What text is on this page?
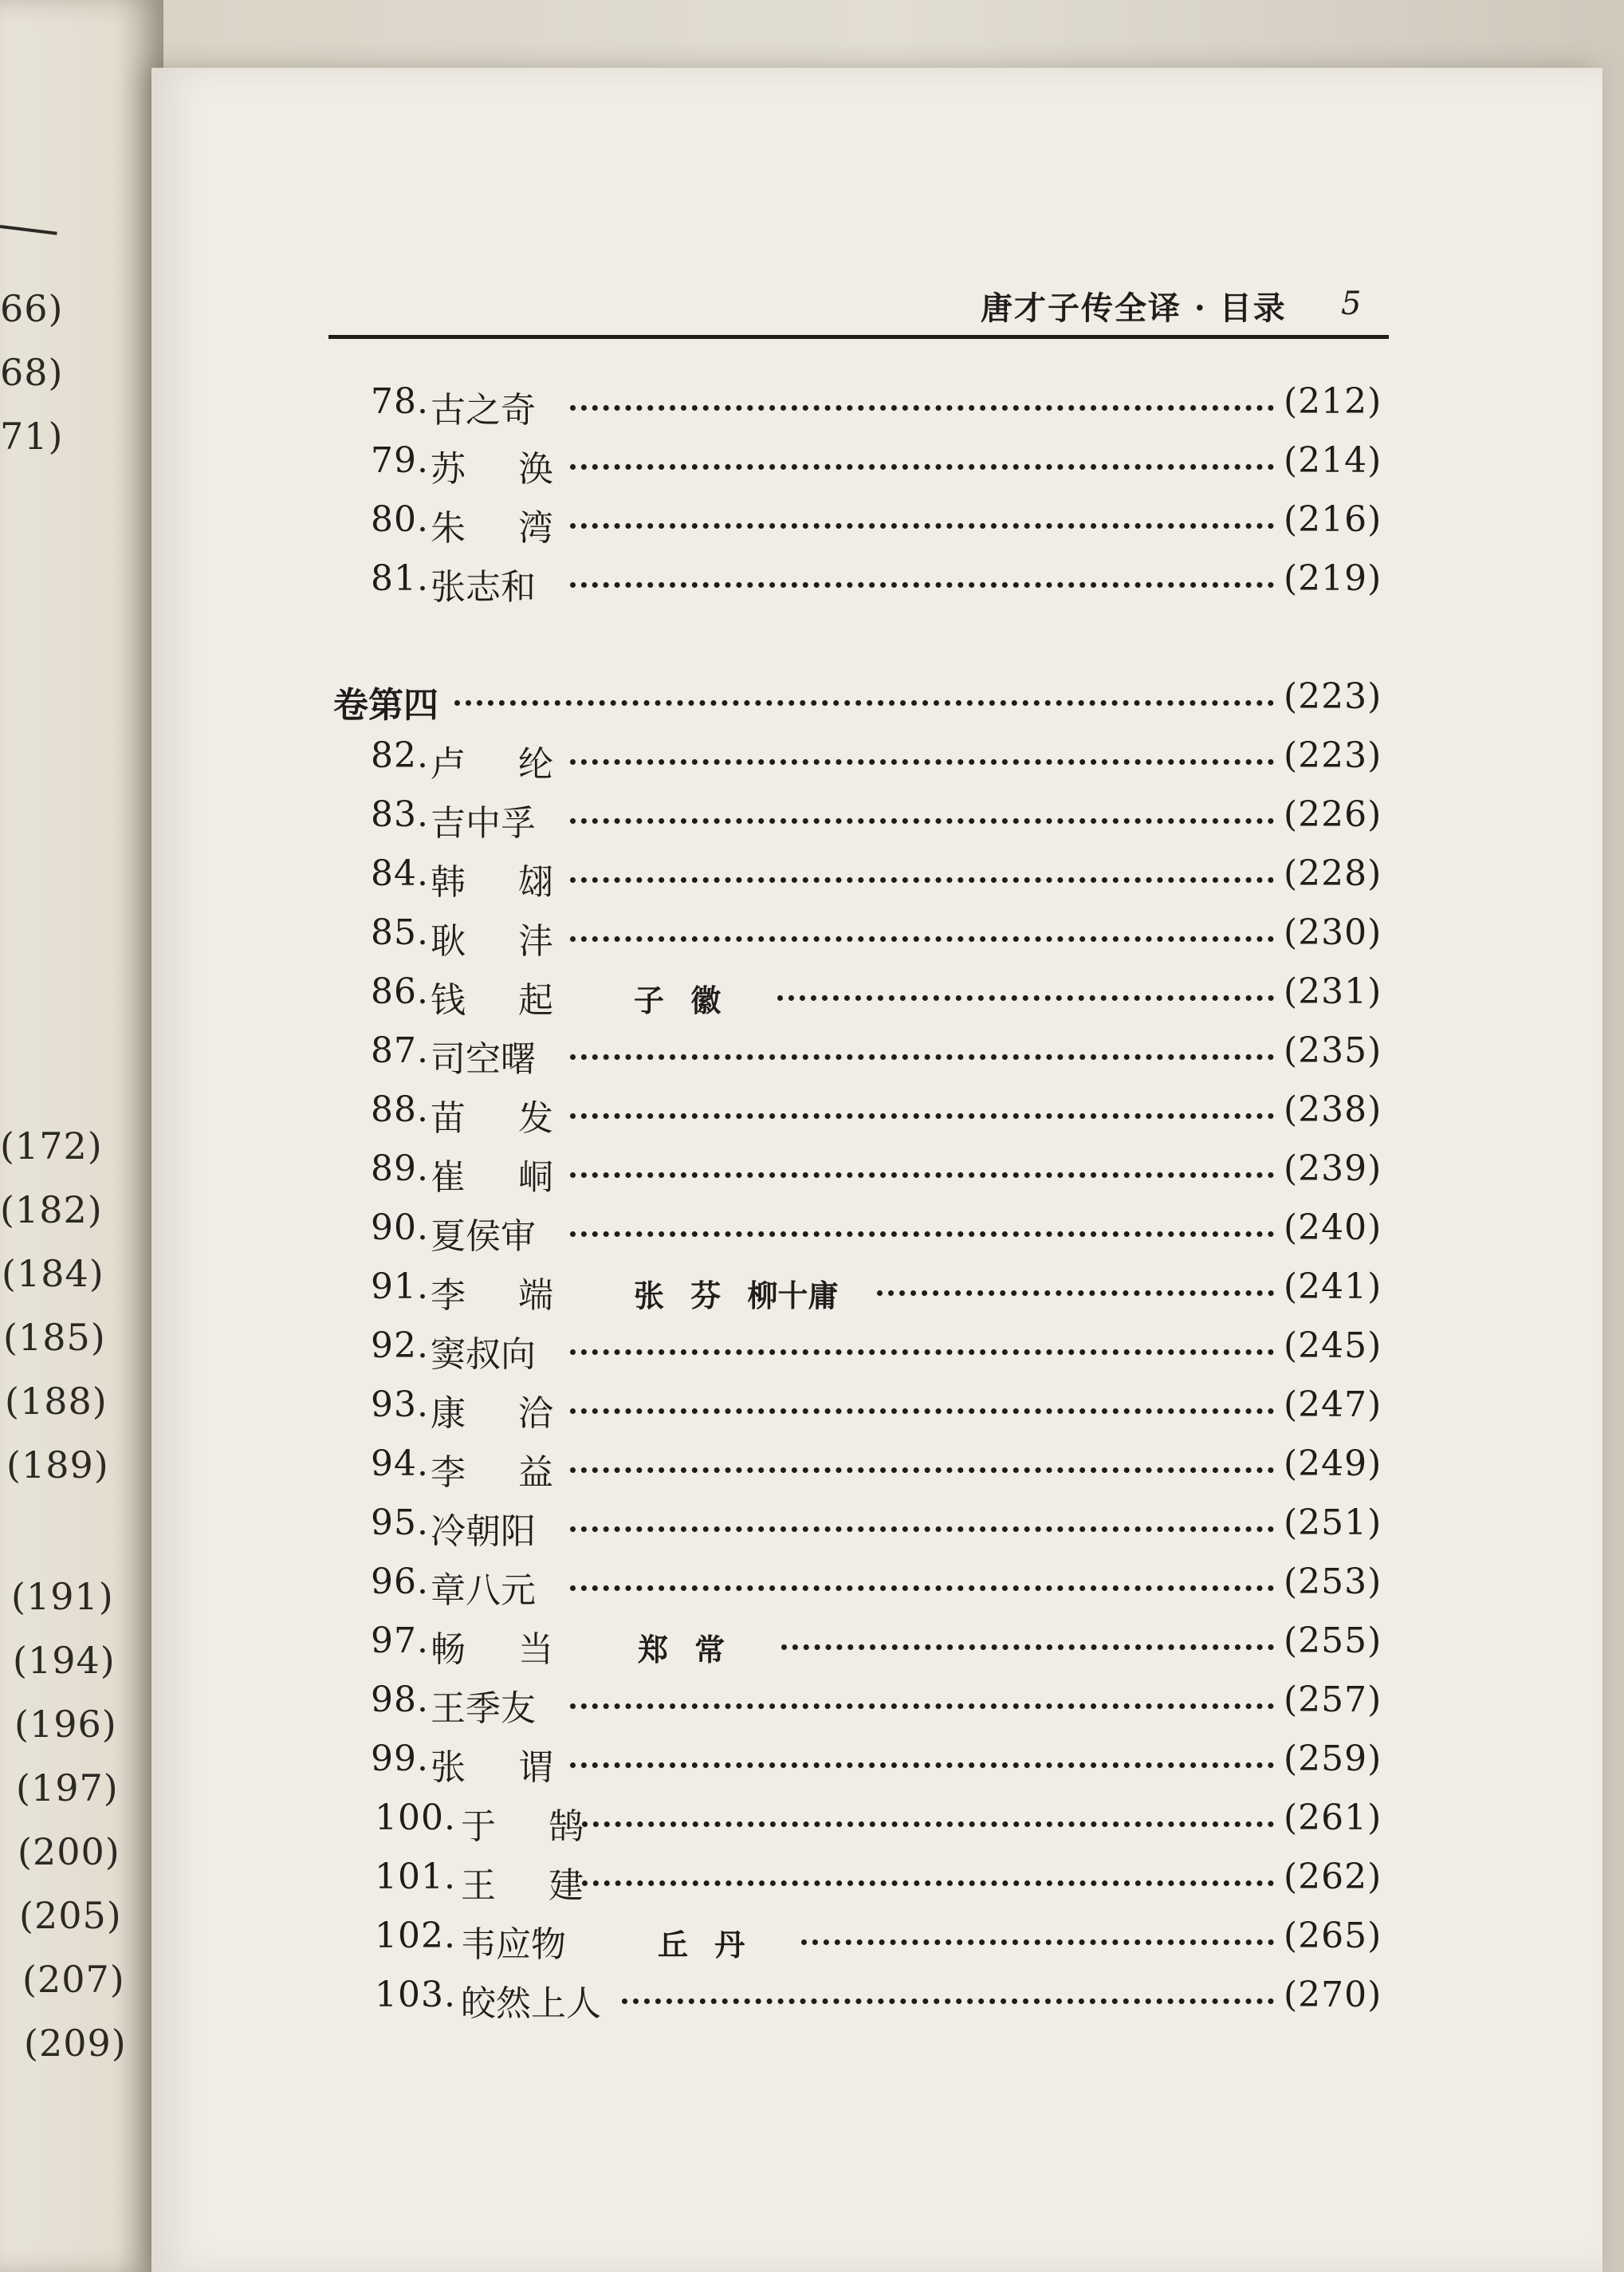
唐才子传全译 · 目录 5
66)
68)
71)
(172)
(182)
(184)
(185)
(188)
(189)
(191)
(194)
(196)
(197)
(200)
(205)
(207)
(209)
78. 古之奇	(212)
79. 苏 涣	(214)
80. 朱 湾	(216)
81. 张志和	(219)
卷第四	(223)
82. 卢 纶	(223)
83. 吉中孚	(226)
84. 韩 翃	(228)
85. 耿 沣	(230)
86. 钱 起 子 徽	(231)
87. 司空曙	(235)
88. 苗 发	(238)
89. 崔 峒	(239)
90. 夏侯审	(240)
91. 李 端 张 芬 柳十庸	(241)
92. 窦叔向	(245)
93. 康 洽	(247)
94. 李 益	(249)
95. 冷朝阳	(251)
96. 章八元	(253)
97. 畅 当 郑 常	(255)
98. 王季友	(257)
99. 张 谓	(259)
100. 于 鹄	(261)
101. 王 建	(262)
102. 韦应物	丘 丹	(265)
103. 皎然上人	(270)
